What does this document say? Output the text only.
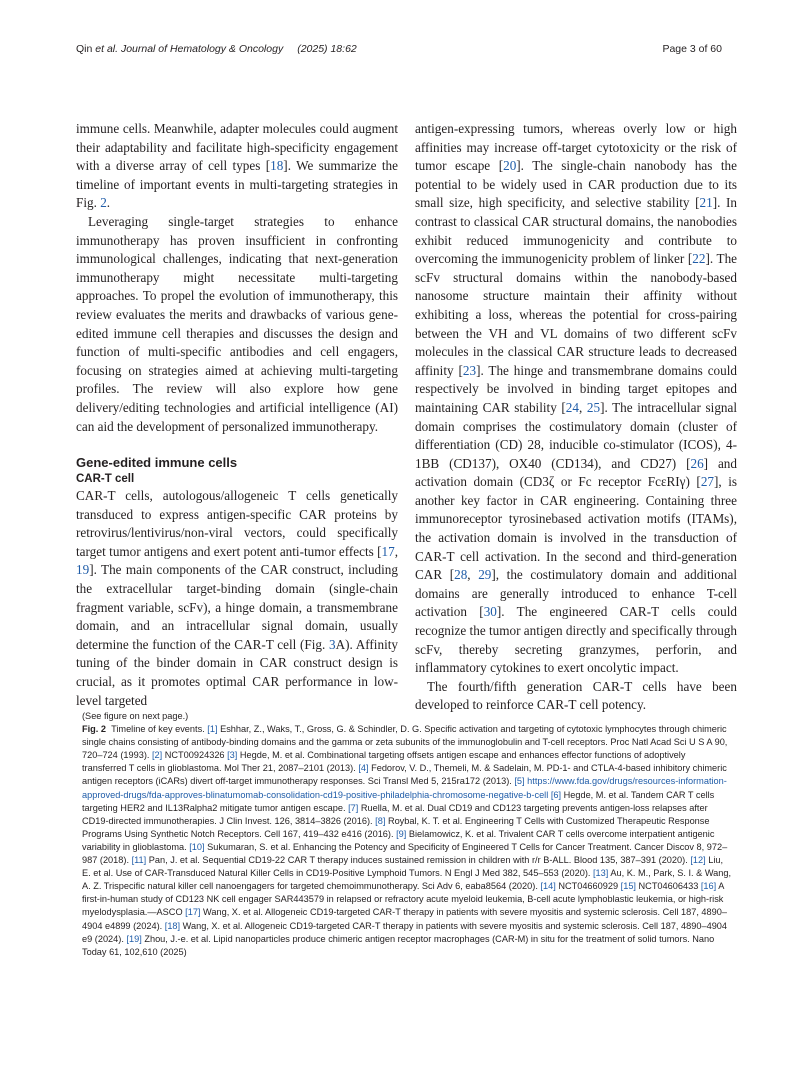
Qin et al. Journal of Hematology & Oncology (2025) 18:62	Page 3 of 60

immune cells. Meanwhile, adapter molecules could augment their adaptability and facilitate high-specificity engagement with a diverse array of cell types [18]. We summarize the timeline of important events in multi-targeting strategies in Fig. 2.

Leveraging single-target strategies to enhance immunotherapy has proven insufficient in confronting immunological challenges, indicating that next-generation immunotherapy might necessitate multi-targeting approaches. To propel the evolution of immunotherapy, this review evaluates the merits and drawbacks of various gene-edited immune cell therapies and discusses the design and function of multi-specific antibodies and cell engagers, focusing on strategies aimed at achieving multi-targeting profiles. The review will also explore how gene delivery/editing technologies and artificial intelligence (AI) can aid the development of personalized immunotherapy.

Gene-edited immune cells
CAR-T cell

CAR-T cells, autologous/allogeneic T cells genetically transduced to express antigen-specific CAR proteins by retrovirus/lentivirus/non-viral vectors, could specifically target tumor antigens and exert potent anti-tumor effects [17, 19]. The main components of the CAR construct, including the extracellular target-binding domain (single-chain fragment variable, scFv), a hinge domain, a transmembrane domain, and an intracellular signal domain, usually determine the function of the CAR-T cell (Fig. 3A). Affinity tuning of the binder domain in CAR construct design is crucial, as it promotes optimal CAR performance in low-level targeted

antigen-expressing tumors, whereas overly low or high affinities may increase off-target cytotoxicity or the risk of tumor escape [20]. The single-chain nanobody has the potential to be widely used in CAR production due to its small size, high specificity, and selective stability [21]. In contrast to classical CAR structural domains, the nanobodies exhibit reduced immunogenicity and contribute to overcoming the immunogenicity problem of linker [22]. The scFv structural domains within the nanobody-based nanosome structure maintain their affinity without exhibiting a loss, whereas the potential for cross-pairing between the VH and VL domains of two different scFv molecules in the classical CAR structure leads to decreased affinity [23]. The hinge and transmembrane domains could respectively be involved in binding target epitopes and maintaining CAR stability [24, 25]. The intracellular signal domain comprises the costimulatory domain (cluster of differentiation (CD) 28, inducible co-stimulator (ICOS), 4-1BB (CD137), OX40 (CD134), and CD27) [26] and activation domain (CD3ζ or Fc receptor FcεRIγ) [27], is another key factor in CAR engineering. Containing three immunoreceptor tyrosinebased activation motifs (ITAMs), the activation domain is involved in the transduction of CAR-T cell activation. In the second and third-generation CAR [28, 29], the costimulatory domain and additional domains are generally introduced to enhance T-cell activation [30]. The engineered CAR-T cells could recognize the tumor antigen directly and specifically through scFv, thereby secreting granzymes, perforin, and inflammatory cytokines to exert oncolytic impact.

The fourth/fifth generation CAR-T cells have been developed to reinforce CAR-T cell potency.

(See figure on next page.)

Fig. 2 Timeline of key events. [1] Eshhar, Z., Waks, T., Gross, G. & Schindler, D. G. Specific activation and targeting of cytotoxic lymphocytes through chimeric single chains consisting of antibody-binding domains and the gamma or zeta subunits of the immunoglobulin and T-cell receptors. Proc Natl Acad Sci U S A 90, 720–724 (1993). [2] NCT00924326 [3] Hegde, M. et al. Combinational targeting offsets antigen escape and enhances effector functions of adoptively transferred T cells in glioblastoma. Mol Ther 21, 2087–2101 (2013). [4] Fedorov, V. D., Themeli, M. & Sadelain, M. PD-1- and CTLA-4-based inhibitory chimeric antigen receptors (iCARs) divert off-target immunotherapy responses. Sci Transl Med 5, 215ra172 (2013). [5] https://www.fda.gov/drugs/resources-information-approved-drugs/fda-approves-blinatumomab-consolidation-cd19-positive-philadelphia-chromosome-negative-b-cell [6] Hegde, M. et al. Tandem CAR T cells targeting HER2 and IL13Ralpha2 mitigate tumor antigen escape. [7] Ruella, M. et al. Dual CD19 and CD123 targeting prevents antigen-loss relapses after CD19-directed immunotherapies. J Clin Invest. 126, 3814–3826 (2016). [8] Roybal, K. T. et al. Engineering T Cells with Customized Therapeutic Response Programs Using Synthetic Notch Receptors. Cell 167, 419–432 e416 (2016). [9] Bielamowicz, K. et al. Trivalent CAR T cells overcome interpatient antigenic variability in glioblastoma. [10] Sukumaran, S. et al. Enhancing the Potency and Specificity of Engineered T Cells for Cancer Treatment. Cancer Discov 8, 972–987 (2018). [11] Pan, J. et al. Sequential CD19-22 CAR T therapy induces sustained remission in children with r/r B-ALL. Blood 135, 387–391 (2020). [12] Liu, E. et al. Use of CAR-Transduced Natural Killer Cells in CD19-Positive Lymphoid Tumors. N Engl J Med 382, 545–553 (2020). [13] Au, K. M., Park, S. I. & Wang, A. Z. Trispecific natural killer cell nanoengagers for targeted chemoimmunotherapy. Sci Adv 6, eaba8564 (2020). [14] NCT04660929 [15] NCT04606433 [16] A first-in-human study of CD123 NK cell engager SAR443579 in relapsed or refractory acute myeloid leukemia, B-cell acute lymphoblastic leukemia, or high-risk myelodysplasia.—ASCO [17] Wang, X. et al. Allogeneic CD19-targeted CAR-T therapy in patients with severe myositis and systemic sclerosis. Cell 187, 4890–4904 e4899 (2024). [18] Wang, X. et al. Allogeneic CD19-targeted CAR-T therapy in patients with severe myositis and systemic sclerosis. Cell 187, 4890–4904 e9 (2024). [19] Zhou, J.-e. et al. Lipid nanoparticles produce chimeric antigen receptor macrophages (CAR-M) in situ for the treatment of solid tumors. Nano Today 61, 102,610 (2025)
